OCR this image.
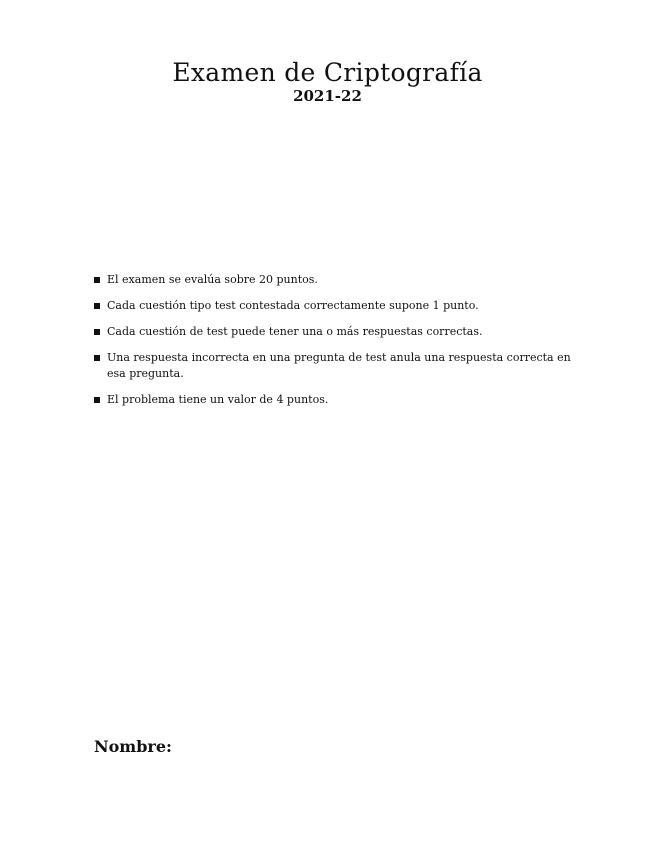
Examen de Criptografía
2021-22
El examen se evalúa sobre 20 puntos.
Cada cuestión tipo test contestada correctamente supone 1 punto.
Cada cuestión de test puede tener una o más respuestas correctas.
Una respuesta incorrecta en una pregunta de test anula una respuesta correcta en esa pregunta.
El problema tiene un valor de 4 puntos.
Nombre:
